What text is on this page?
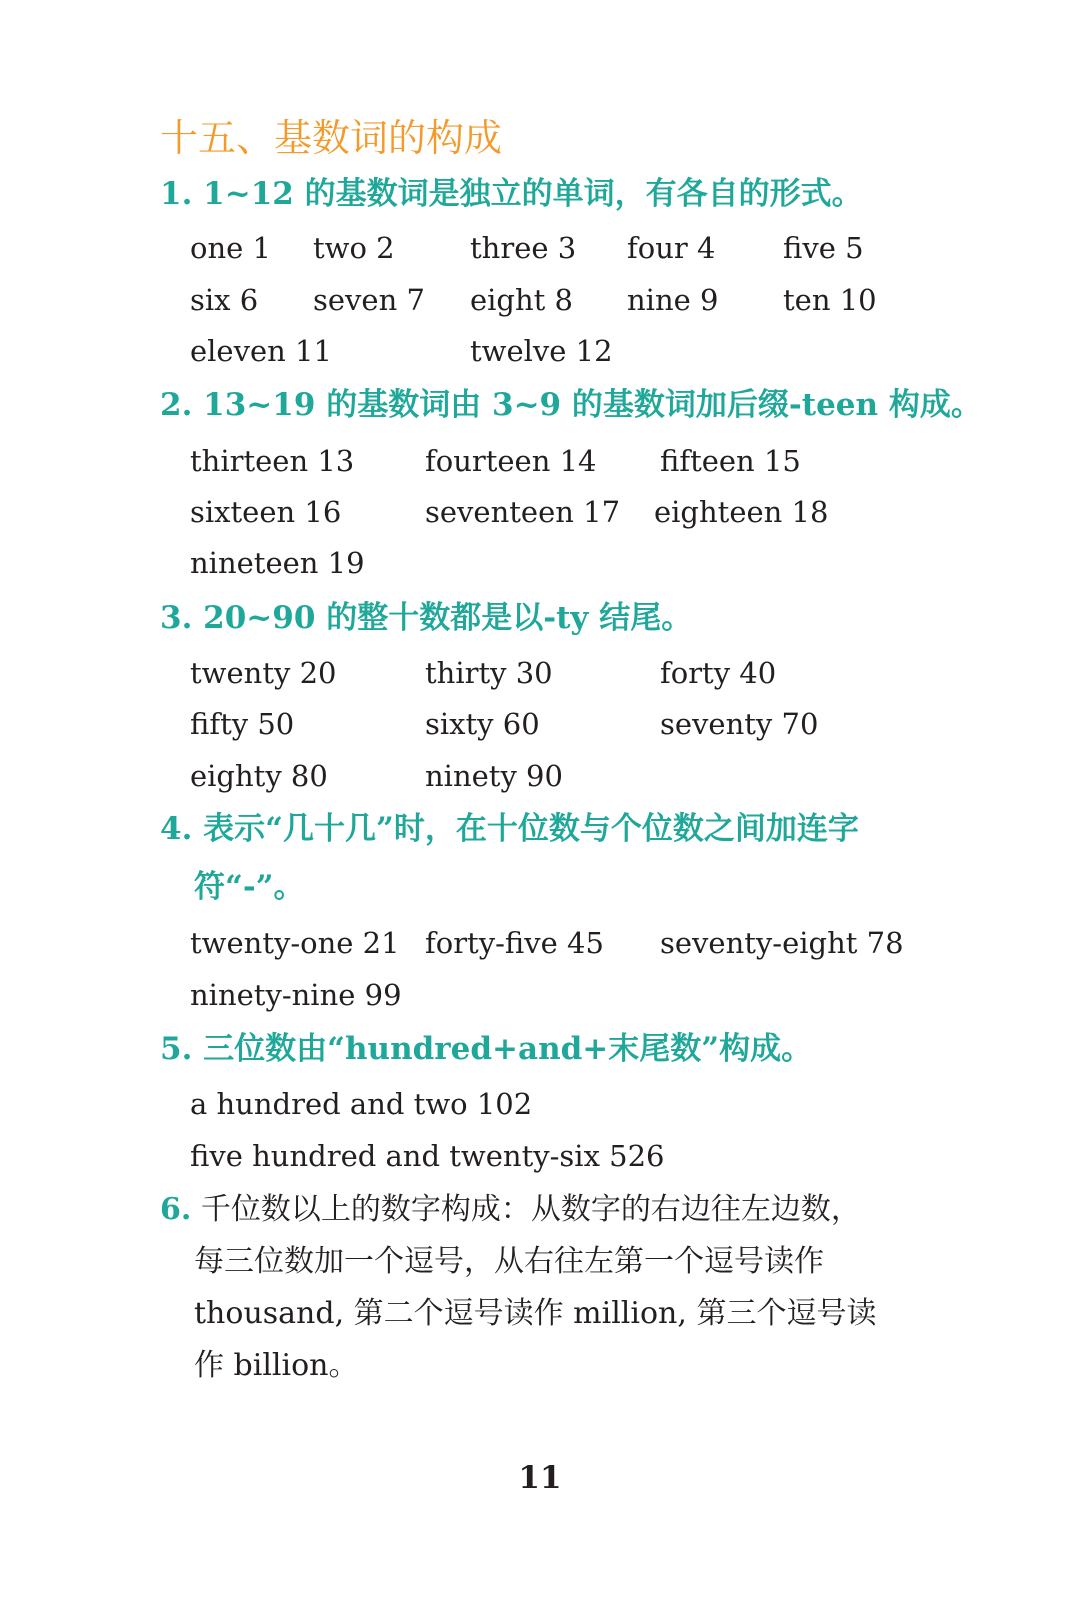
十五、基数词的构成
1. 1~12 的基数词是独立的单词，有各自的形式。
one 1 two 2	three 3 four 4 five 5
six 6 seven 7 eight 8 nine 9 ten 10
eleven 11	twelve 12
2. 13~19 的基数词由 3~9 的基数词加后缀-teen 构成。
thirteen 13 fourteen 14 fifteen 15
sixteen 16	seventeen 17 eighteen 18
nineteen 19
3. 20~90 的整十数都是以-ty 结尾。
twenty 20	thirty 30	forty 40
fifty 50	sixty 60	seventy 70
eighty 80	ninety 90
4. 表示“几十几”时，在十位数与个位数之间加连字
符“-”。
twenty-one 21 forty-five 45 seventy-eight 78
ninety-nine 99
5. 三位数由“hundred+and+末尾数”构成。
a hundred and two 102
five hundred and twenty-six 526
6. 千位数以上的数字构成：从数字的右边往左边数，
每三位数加一个逗号，从右往左第一个逗号读作
thousand, 第二个逗号读作 million, 第三个逗号读
作 billion。
11
